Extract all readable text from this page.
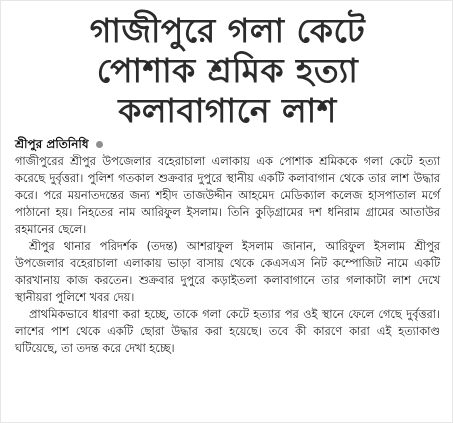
গাজীপুরে গলা কেটে
পোশাক শ্রমিক হত্যা
কলাবাগানে লাশ
শ্রীপুর প্রতিনিধি

গাজীপুরের শ্রীপুর উপজেলার বহেরাচালা এলাকায় এক পোশাক শ্রমিককে গলা কেটে হত্যা করেছে দুর্বৃত্তরা। পুলিশ গতকাল শুক্রবার দুপুরে স্থানীয় একটি কলাবাগান থেকে তার লাশ উদ্ধার করে। পরে ময়নাতদন্তের জন্য শহীদ তাজউদ্দীন আহমেদ মেডিক্যাল কলেজ হাসপাতাল মর্গে পাঠানো হয়। নিহতের নাম আরিফুল ইসলাম। তিনি কুড়িগ্রামের দশ ধনিরাম গ্রামের আতাউর রহমানের ছেলে।

শ্রীপুর থানার পরিদর্শক (তদন্ত) আশরাফুল ইসলাম জানান, আরিফুল ইসলাম শ্রীপুর উপজেলার বহেরাচালা এলাকায় ভাড়া বাসায় থেকে কেএসএস নিট কম্পোজিট নামে একটি কারখানায় কাজ করতেন। শুক্রবার দুপুরে কড়াইতলা কলাবাগানে তার গলাকাটা লাশ দেখে স্থানীয়রা পুলিশে খবর দেয়।

প্রাথমিকভাবে ধারণা করা হচ্ছে, তাকে গলা কেটে হত্যার পর ওই স্থানে ফেলে গেছে দুর্বৃত্তরা। লাশের পাশ থেকে একটি ছোরা উদ্ধার করা হয়েছে। তবে কী কারণে কারা এই হত্যাকাণ্ড ঘটিয়েছে, তা তদন্ত করে দেখা হচ্ছে।
